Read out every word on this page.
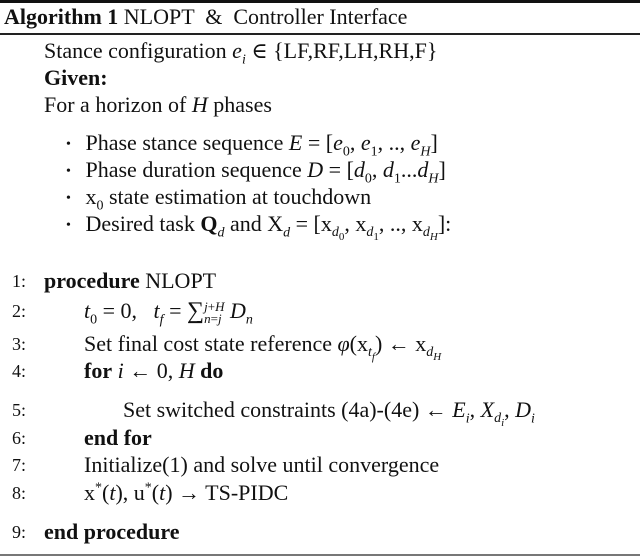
Algorithm 1 NLOPT  &  Controller Interface
Stance configuration $e_i$ ∈ {LF,RF,LH,RH,F}
Given:
For a horizon of H phases
• Phase stance sequence $E = [e_0$, $e_1$, .., $e_H$]
• Phase duration sequence $D = [d_0$, $d_1...d_H$]
• $x_0$ state estimation at touchdown
• Desired task $Q_d$ and $X_d = [x_{d_0}$, $x_{d_1}$, .., $x_{d_H}$]:
1: procedure NLOPT
2:	$t_0 = 0$,   $t_f = \sum j+H$
n=j $D_n$
3:	Set final cost state reference $\varphi(x_{t_f})$ ← $x_{d_H}$
4:	for i ← 0, H do
5:	Set switched constraints (4a)-(4e) ← $E_i$, $X_{d_i}$, $D_i$
6:	end for
7:	Initialize(1) and solve until convergence
8:	x*(t), u*(t) → TS-PIDC
9: end procedure
